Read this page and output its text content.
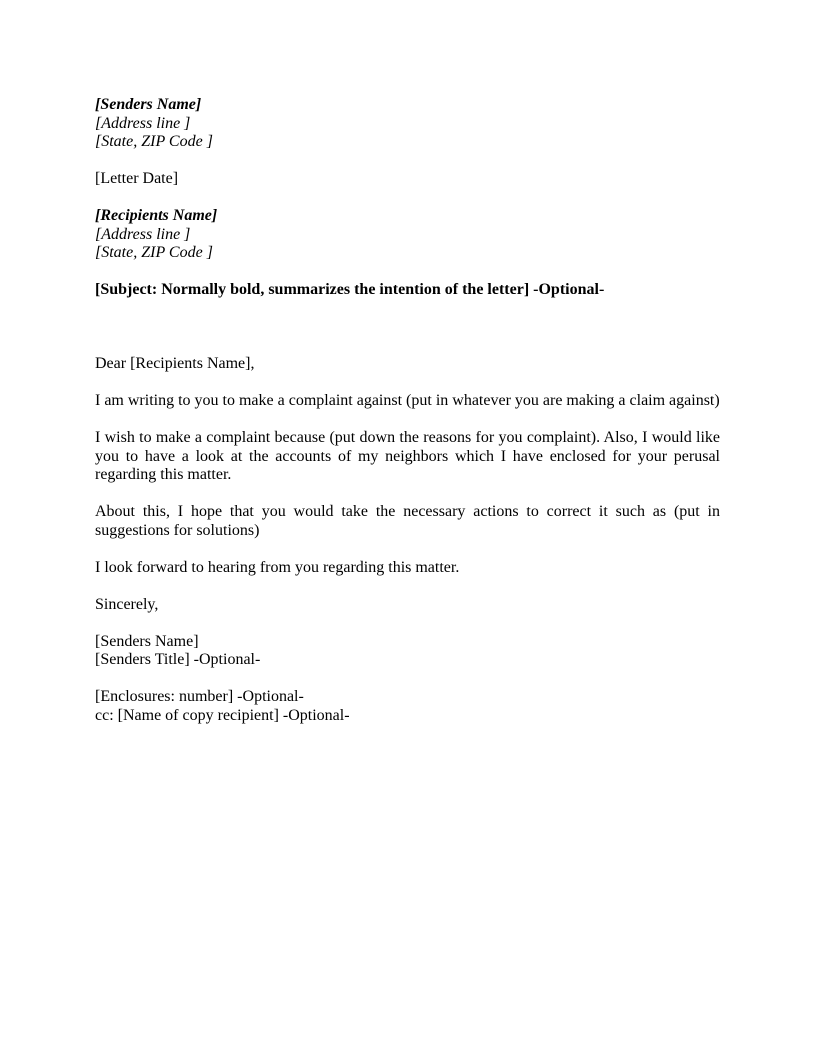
[Senders Name]
[Address line ]
[State, ZIP Code ]
[Letter Date]
[Recipients Name]
[Address line ]
[State, ZIP Code ]
[Subject: Normally bold, summarizes the intention of the letter] -Optional-
Dear [Recipients Name],
I am writing to you to make a complaint against (put in whatever you are making a claim against)
I wish to make a complaint because (put down the reasons for you complaint). Also, I would like you to have a look at the accounts of my neighbors which I have enclosed for your perusal regarding this matter.
About this, I hope that you would take the necessary actions to correct it such as (put in suggestions for solutions)
I look forward to hearing from you regarding this matter.
Sincerely,
[Senders Name]
[Senders Title] -Optional-
[Enclosures: number] -Optional-
cc: [Name of copy recipient] -Optional-
